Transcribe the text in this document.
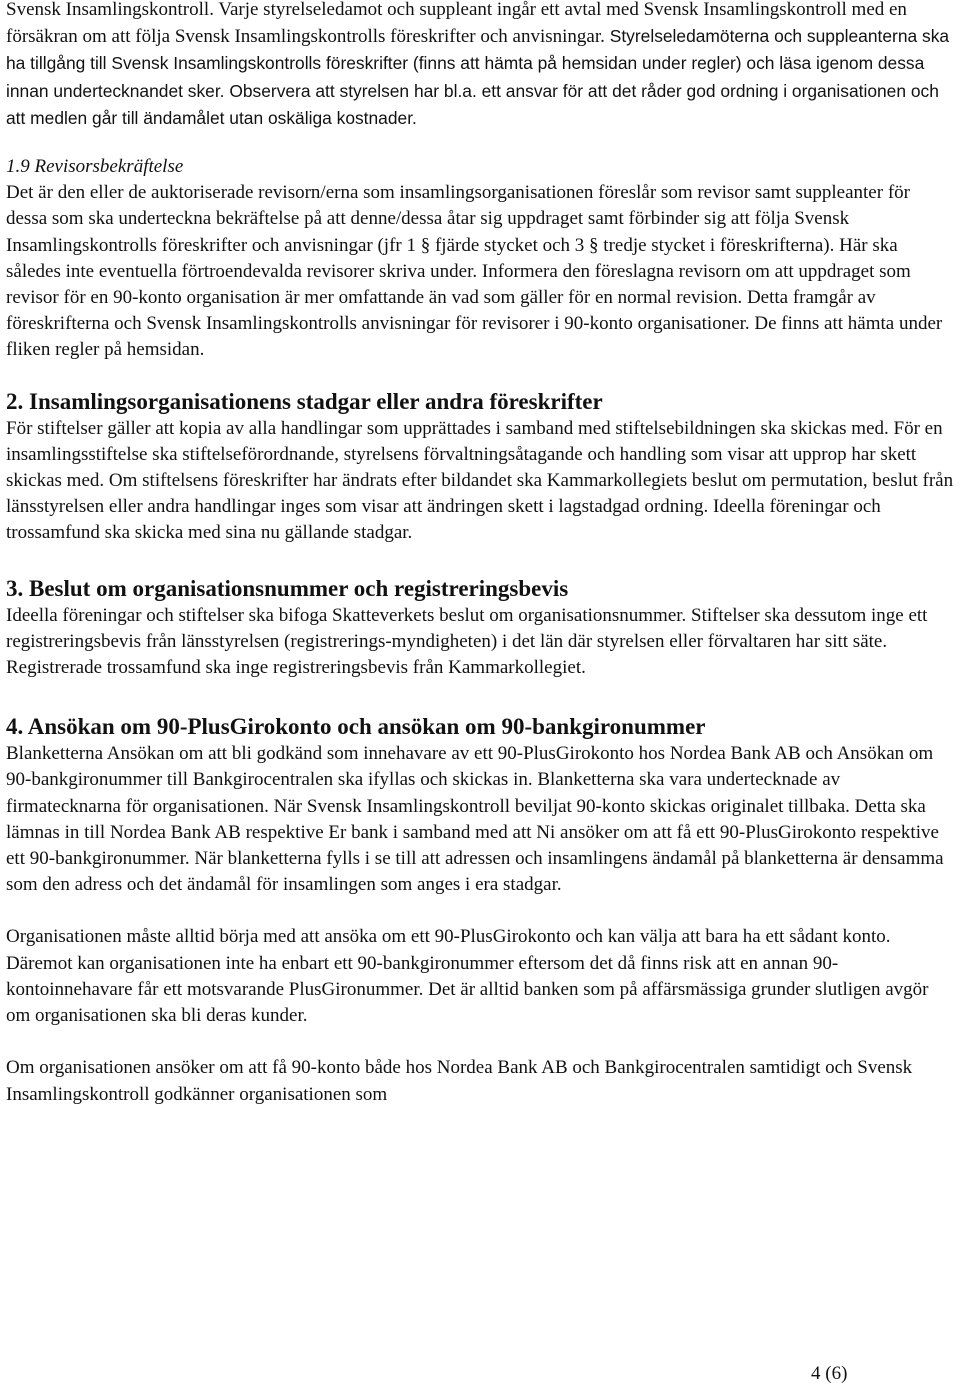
Svensk Insamlingskontroll. Varje styrelseledamot och suppleant ingår ett avtal med Svensk Insamlingskontroll med en försäkran om att följa Svensk Insamlingskontrolls föreskrifter och anvisningar. Styrelseledamöterna och suppleanterna ska ha tillgång till Svensk Insamlingskontrolls föreskrifter (finns att hämta på hemsidan under regler) och läsa igenom dessa innan undertecknandet sker. Observera att styrelsen har bl.a. ett ansvar för att det råder god ordning i organisationen och att medlen går till ändamålet utan oskäliga kostnader.

1.9 Revisorsbekräftelse

Det är den eller de auktoriserade revisorn/erna som insamlingsorganisationen föreslår som revisor samt suppleanter för dessa som ska underteckna bekräftelse på att denne/dessa åtar sig uppdraget samt förbinder sig att följa Svensk Insamlingskontrolls föreskrifter och anvisningar (jfr 1 § fjärde stycket och 3 § tredje stycket i föreskrifterna). Här ska således inte eventuella förtroendevalda revisorer skriva under. Informera den föreslagna revisorn om att uppdraget som revisor för en 90-konto organisation är mer omfattande än vad som gäller för en normal revision. Detta framgår av föreskrifterna och Svensk Insamlingskontrolls anvisningar för revisorer i 90-konto organisationer. De finns att hämta under fliken regler på hemsidan.

2. Insamlingsorganisationens stadgar eller andra föreskrifter

För stiftelser gäller att kopia av alla handlingar som upprättades i samband med stiftelsebildningen ska skickas med. För en insamlingsstiftelse ska stiftelseförordnande, styrelsens förvaltningsåtagande och handling som visar att upprop har skett skickas med. Om stiftelsens föreskrifter har ändrats efter bildandet ska Kammarkollegiets beslut om permutation, beslut från länsstyrelsen eller andra handlingar inges som visar att ändringen skett i lagstadgad ordning. Ideella föreningar och trossamfund ska skicka med sina nu gällande stadgar.

3. Beslut om organisationsnummer och registreringsbevis

Ideella föreningar och stiftelser ska bifoga Skatteverkets beslut om organisationsnummer. Stiftelser ska dessutom inge ett registreringsbevis från länsstyrelsen (registrerings-myndigheten) i det län där styrelsen eller förvaltaren har sitt säte. Registrerade trossamfund ska inge registreringsbevis från Kammarkollegiet.

4. Ansökan om 90-PlusGirokonto och ansökan om 90-bankgironummer

Blanketterna Ansökan om att bli godkänd som innehavare av ett 90-PlusGirokonto hos Nordea Bank AB och Ansökan om 90-bankgironummer till Bankgirocentralen ska ifyllas och skickas in. Blanketterna ska vara undertecknade av firmatecknarna för organisationen. När Svensk Insamlingskontroll beviljat 90-konto skickas originalet tillbaka. Detta ska lämnas in till Nordea Bank AB respektive Er bank i samband med att Ni ansöker om att få ett 90-PlusGirokonto respektive ett 90-bankgironummer. När blanketterna fylls i se till att adressen och insamlingens ändamål på blanketterna är densamma som den adress och det ändamål för insamlingen som anges i era stadgar.

Organisationen måste alltid börja med att ansöka om ett 90-PlusGirokonto och kan välja att bara ha ett sådant konto. Däremot kan organisationen inte ha enbart ett 90-bankgironummer eftersom det då finns risk att en annan 90-kontoinnehavare får ett motsvarande PlusGironummer. Det är alltid banken som på affärsmässiga grunder slutligen avgör om organisationen ska bli deras kunder.

Om organisationen ansöker om att få 90-konto både hos Nordea Bank AB och Bankgirocentralen samtidigt och Svensk Insamlingskontroll godkänner organisationen som

4 (6)
